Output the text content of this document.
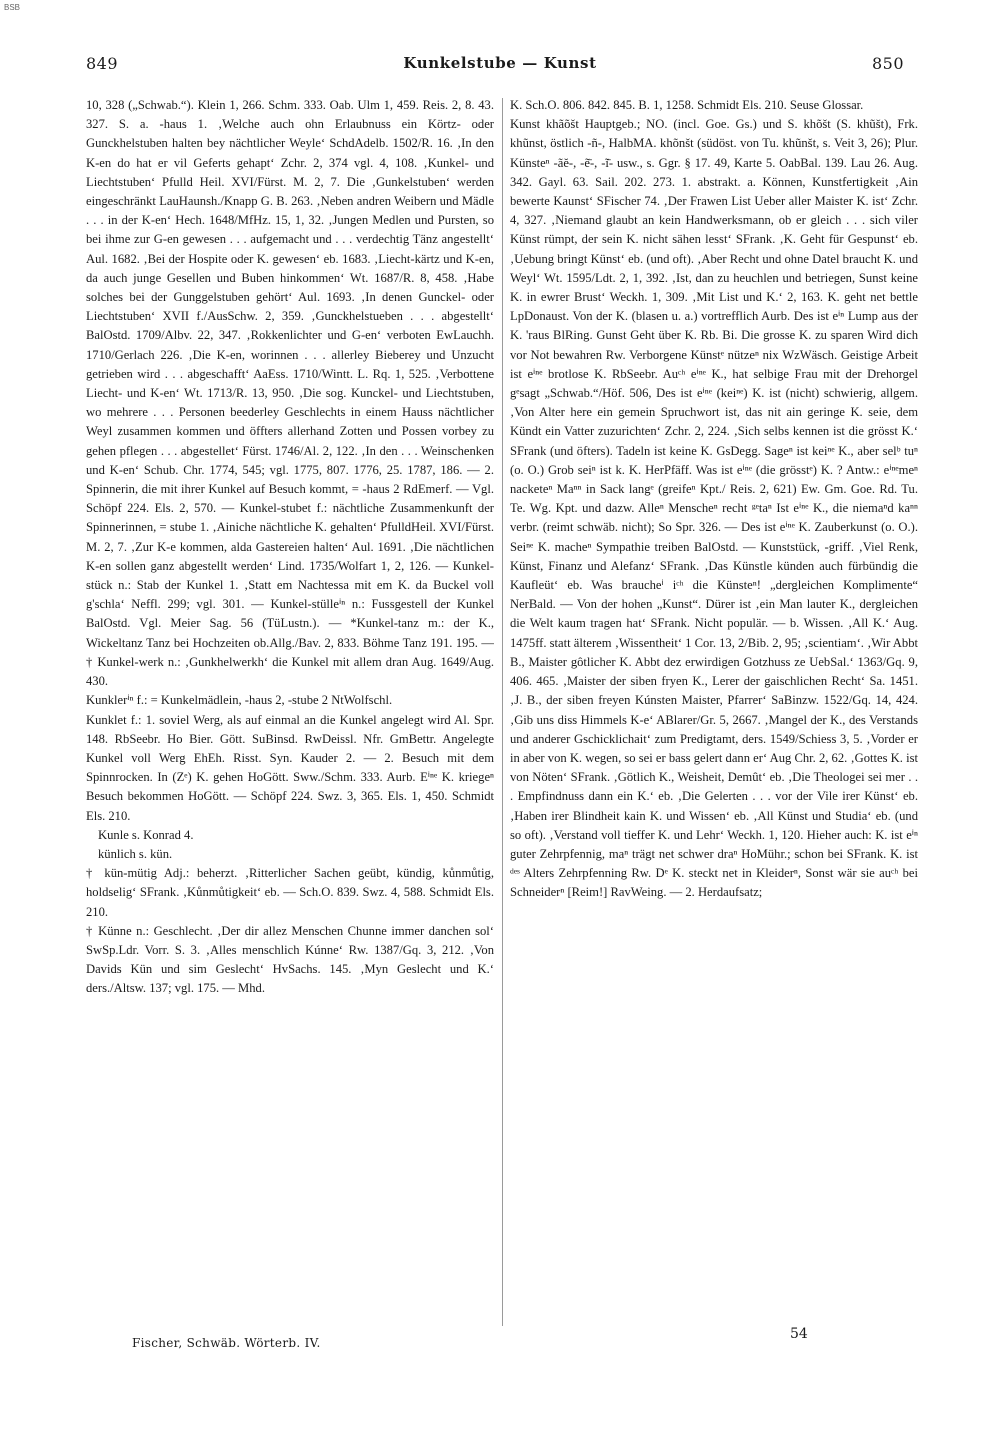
BSB
849	Kunkelstube — Kunst	850

10, 328 („Schwab.“). Klein 1, 266. Schm. 333. Oab. Ulm 1, 459. Reis. 2, 8. 43. 327. S. a. -haus 1. ‚Welche auch ohn Erlaubnuss ein Körtz- oder Gunckhelstuben halten bey nächtlicher Weyle‘ SchdAdelb. 1502/R. 16. ‚In den K-en do hat er vil Geferts gehapt‘ Zchr. 2, 374 vgl. 4, 108. ‚Kunkel- und Liechtstuben‘ Pfulld Heil. XVI/Fürst. M. 2, 7. Die ‚Gunkelstuben‘ werden eingeschränkt LauHaunsh./Knapp G. B. 263. ‚Neben andren Weibern und Mädle . . . in der K-en‘ Hech. 1648/MfHz. 15, 1, 32. ‚Jungen Medlen und Pursten, so bei ihme zur G-en gewesen . . . aufgemacht und . . . verdechtig Tänz angestellt‘ Aul. 1682. ‚Bei der Hospite oder K. gewesen‘ eb. 1683. ‚Liecht-kärtz und K-en, da auch junge Gesellen und Buben hinkommen‘ Wt. 1687/R. 8, 458. ‚Habe solches bei der Gunggelstuben gehört‘ Aul. 1693. ‚In denen Gunckel- oder Liechtstuben‘ XVII f./AusSchw. 2, 359. ‚Gunckhelstueben . . . abgestellt‘ BalOstd. 1709/Albv. 22, 347. ‚Rokkenlichter und G-en‘ verboten EwLauchh. 1710/Gerlach 226. ‚Die K-en, worinnen . . . allerley Bieberey und Unzucht getrieben wird . . . abgeschafft‘ AaEss. 1710/Wintt. L. Rq. 1, 525. ‚Verbottene Liecht- und K-en‘ Wt. 1713/R. 13, 950. ‚Die sog. Kunckel- und Liechtstuben, wo mehrere . . . Personen beederley Geschlechts in einem Hauss nächtlicher Weyl zusammen kommen und öffters allerhand Zotten und Possen vorbey zu gehen pflegen . . . abgestellet‘ Fürst. 1746/Al. 2, 122. ‚In den . . . Weinschenken und K-en‘ Schub. Chr. 1774, 545; vgl. 1775, 807. 1776, 25. 1787, 186. — 2. Spinnerin, die mit ihrer Kunkel auf Besuch kommt, = -haus 2 RdEmerf. — Vgl. Schöpf 224. Els. 2, 570. — Kunkel-stubet f.: nächtliche Zusammenkunft der Spinnerinnen, = stube 1. ‚Ainiche nächtliche K. gehalten‘ PfulldHeil. XVI/Fürst. M. 2, 7. ‚Zur K-e kommen, alda Gastereien halten‘ Aul. 1691. ‚Die nächtlichen K-en sollen ganz abgestellt werden‘ Lind. 1735/Wolfart 1, 2, 126. — Kunkel-stück n.: Stab der Kunkel 1. ‚Statt em Nachtessa mit em K. da Buckel voll g'schla‘ Neffl. 299; vgl. 301. — Kunkel-stülleⁱⁿ n.: Fussgestell der Kunkel BalOstd. Vgl. Meier Sag. 56 (TüLustn.). — *Kunkel-tanz m.: der K., Wickeltanz Tanz bei Hochzeiten ob.Allg./Bav. 2, 833. Böhme Tanz 191. 195. — † Kunkel-werk n.: ‚Gunkhelwerkh‘ die Kunkel mit allem dran Aug. 1649/Aug. 430.

Kunklerⁱⁿ f.: = Kunkelmädlein, -haus 2, -stube 2 NtWolfschl.

Kunklet f.: 1. soviel Werg, als auf einmal an die Kunkel angelegt wird Al. Spr. 148. RbSeebr. Ho Bier. Gött. SuBinsd. RwDeissl. Nfr. GmBettr. Angelegte Kunkel voll Werg EhEh. Risst. Syn. Kauder 2. — 2. Besuch mit dem Spinnrocken. In (Zᵉ) K. gehen HoGött. Sww./Schm. 333. Aurb. Eⁱⁿᵉ K. kriegeⁿ Besuch bekommen HoGött. — Schöpf 224. Swz. 3, 365. Els. 1, 450. Schmidt Els. 210.

Kunle s. Konrad 4.

künlich s. kün.

† kün-mütig Adj.: beherzt. ‚Ritterlicher Sachen geübt, kündig, kůnmůtig, holdselig‘ SFrank. ‚Kůnmůtigkeit‘ eb. — Sch.O. 839. Swz. 4, 588. Schmidt Els. 210.

† Künne n.: Geschlecht. ‚Der dir allez Menschen Chunne immer danchen sol‘ SwSp.Ldr. Vorr. S. 3. ‚Alles menschlich Kúnne‘ Rw. 1387/Gq. 3, 212. ‚Von Davids Kün und sim Geslecht‘ HvSachs. 145. ‚Myn Geslecht und K.‘ ders./Altsw. 137; vgl. 175. — Mhd.

K. Sch.O. 806. 842. 845. B. 1, 1258. Schmidt Els. 210. Seuse Glossar.

Kunst khãõšt Hauptgeb.; NO. (incl. Goe. Gs.) und S. khõšt (S. khũšt), Frk. khũnst, östlich -ñ-, HalbMA. khõnšt (südöst. von Tu. khũnšt, s. Veit 3, 26); Plur. Künsteⁿ -ãĕ-, -ẽ̄-, -ĩ̄- usw., s. Ggr. § 17. 49, Karte 5. OabBal. 139. Lau 26. Aug. 342. Gayl. 63. Sail. 202. 273. 1. abstrakt. a. Können, Kunstfertigkeit ‚Ain bewerte Kaunst‘ SFischer 74. ‚Der Frawen List Ueber aller Maister K. ist‘ Zchr. 4, 327. ‚Niemand glaubt an kein Handwerksmann, ob er gleich . . . sich viler Künst rümpt, der sein K. nicht sähen lesst‘ SFrank. ‚K. Geht für Gespunst‘ eb. ‚Uebung bringt Künst‘ eb. (und oft). ‚Aber Recht und ohne Datel braucht K. und Weyl‘ Wt. 1595/Ldt. 2, 1, 392. ‚Ist, dan zu heuchlen und betriegen, Sunst keine K. in ewrer Brust‘ Weckh. 1, 309. ‚Mit List und K.‘ 2, 163. K. geht net bettle LpDonaust. Von der K. (blasen u. a.) vortrefflich Aurb. Des ist eⁱⁿ Lump aus der K. 'raus BlRing. Gunst Geht über K. Rb. Bi. Die grosse K. zu sparen Wird dich vor Not bewahren Rw. Verborgene Künstᵉ nützeⁿ nix WzWäsch. Geistige Arbeit ist eⁱⁿᵉ brotlose K. RbSeebr. Auᶜʰ eⁱⁿᵉ K., hat selbige Frau mit der Drehorgel gᵉsagt „Schwab.“/Höf. 506, Des ist eⁱⁿᵉ (keiⁿᵉ) K. ist (nicht) schwierig, allgem. ‚Von Alter here ein gemein Spruchwort ist, das nit ain geringe K. seie, dem Kündt ein Vatter zuzurichten‘ Zchr. 2, 224. ‚Sich selbs kennen ist die grösst K.‘ SFrank (und öfters). Tadeln ist keine K. GsDegg. Sageⁿ ist keiⁿᵉ K., aber selᵇ tuⁿ (o. O.) Grob seiⁿ ist k. K. HerPfäff. Was ist eⁱⁿᵉ (die grösstᵉ) K. ? Antw.: eⁱⁿᵉmeⁿ nacketeⁿ Maⁿⁿ in Sack langᵉ (greifeⁿ Kpt./ Reis. 2, 621) Ew. Gm. Goe. Rd. Tu. Te. Wg. Kpt. und dazw. Alleⁿ Menscheⁿ recht ᵍᵉtaⁿ Ist eⁱⁿᵉ K., die niemaⁿd kaⁿⁿ verbr. (reimt schwäb. nicht); So Spr. 326. — Des ist eⁱⁿᵉ K. Zauberkunst (o. O.). Seiⁿᵉ K. macheⁿ Sympathie treiben BalOstd. — Kunststück, -griff. ‚Viel Renk, Künst, Finanz und Alefanz‘ SFrank. ‚Das Künstle künden auch fürbündig die Kaufleüt‘ eb. Was braucheⁱ iᶜʰ die Künsteⁿ! „dergleichen Komplimente“ NerBald. — Von der hohen „Kunst“. Dürer ist ‚ein Man lauter K., dergleichen die Welt kaum tragen hat‘ SFrank. Nicht populär. — b. Wissen. ‚All K.‘ Aug. 1475ff. statt älterem ‚Wissentheit‘ 1 Cor. 13, 2/Bib. 2, 95; ‚scientiam‘. ‚Wir Abbt B., Maister gôtlicher K. Abbt dez erwirdigen Gotzhuss ze UebSal.‘ 1363/Gq. 9, 406. 465. ‚Maister der siben fryen K., Lerer der gaischlichen Recht‘ Sa. 1451. ‚J. B., der siben freyen Kúnsten Maister, Pfarrer‘ SaBinzw. 1522/Gq. 14, 424. ‚Gib uns diss Himmels K-e‘ ABlarer/Gr. 5, 2667. ‚Mangel der K., des Verstands und anderer Gschicklichait‘ zum Predigtamt, ders. 1549/Schiess 3, 5. ‚Vorder er in aber von K. wegen, so sei er bass gelert dann er‘ Aug Chr. 2, 62. ‚Gottes K. ist von Nöten‘ SFrank. ‚Götlich K., Weisheit, Demût‘ eb. ‚Die Theologei sei mer . . . Empfindnuss dann ein K.‘ eb. ‚Die Gelerten . . . vor der Vile irer Künst‘ eb. ‚Haben irer Blindheit kain K. und Wissen‘ eb. ‚All Künst und Studia‘ eb. (und so oft). ‚Verstand voll tieffer K. und Lehr‘ Weckh. 1, 120. Hieher auch: K. ist eⁱⁿ guter Zehrpfennig, maⁿ trägt net schwer draⁿ HoMühr.; schon bei SFrank. K. ist ᵈᵉˢ Alters Zehrpfenning Rw. Dᵉ K. steckt net in Kleiderⁿ, Sonst wär sie auᶜʰ bei Schneiderⁿ [Reim!] RavWeing. — 2. Herdaufsatz;

Fischer, Schwäb. Wörterb. IV.
54
